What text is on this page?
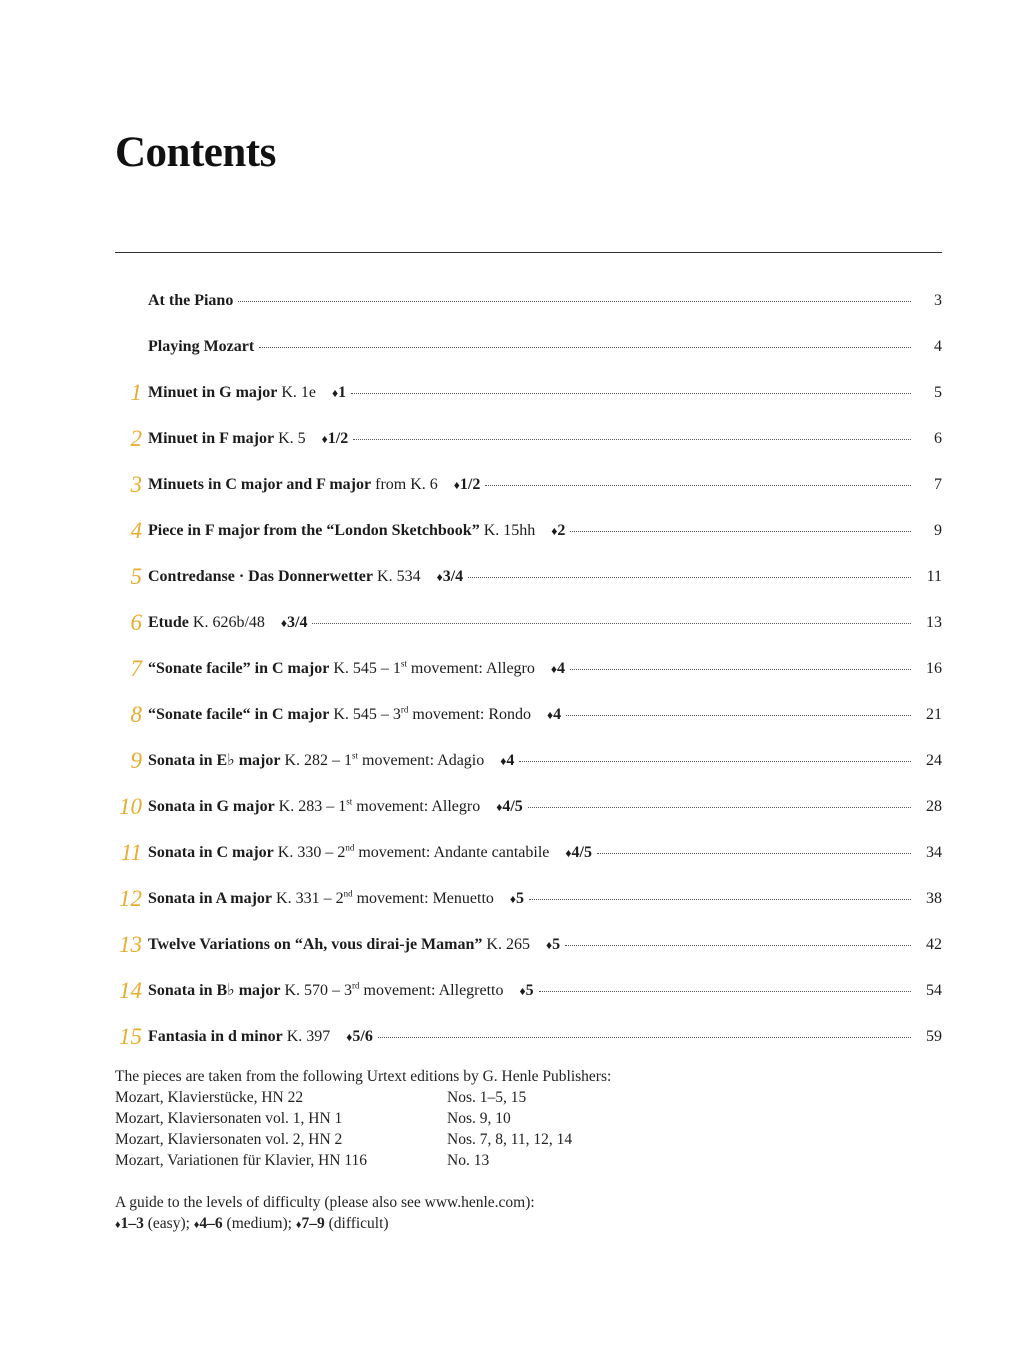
Contents
At the Piano	3
Playing Mozart	4
1 Minuet in G major K. 1e ♦1	5
2 Minuet in F major K. 5 ♦1/2	6
3 Minuets in C major and F major from K. 6 ♦1/2	7
4 Piece in F major from the “London Sketchbook” K. 15hh ♦2	9
5 Contredanse · Das Donnerwetter K. 534 ♦3/4	11
6 Etude K. 626b/48 ♦3/4	13
7 “Sonate facile” in C major K. 545 – 1st movement: Allegro ♦4	16
8 “Sonate facile“ in C major K. 545 – 3rd movement: Rondo ♦4	21
9 Sonata in E♭ major K. 282 – 1st movement: Adagio ♦4	24
10 Sonata in G major K. 283 – 1st movement: Allegro ♦4/5	28
11 Sonata in C major K. 330 – 2nd movement: Andante cantabile ♦4/5	34
12 Sonata in A major K. 331 – 2nd movement: Menuetto ♦5	38
13 Twelve Variations on “Ah, vous dirai-je Maman” K. 265 ♦5	42
14 Sonata in B♭ major K. 570 – 3rd movement: Allegretto ♦5	54
15 Fantasia in d minor K. 397 ♦5/6	59
The pieces are taken from the following Urtext editions by G. Henle Publishers:
Mozart, Klavierstücke, HN 22	Nos. 1–5, 15
Mozart, Klaviersonaten vol. 1, HN 1	Nos. 9, 10
Mozart, Klaviersonaten vol. 2, HN 2	Nos. 7, 8, 11, 12, 14
Mozart, Variationen für Klavier, HN 116	No. 13
A guide to the levels of difficulty (please also see www.henle.com):
♦1–3 (easy); ♦4–6 (medium); ♦7–9 (difficult)
